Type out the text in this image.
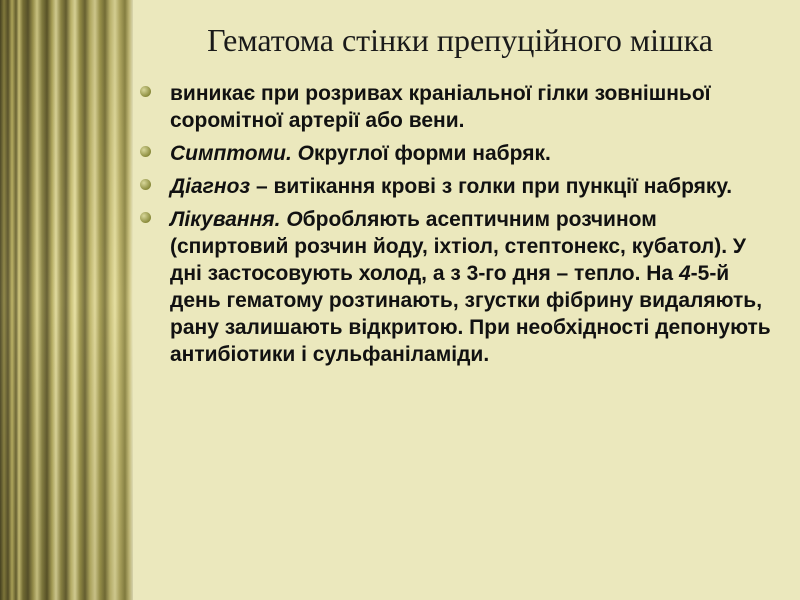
Гематома стінки препуційного мішка
виникає при розривах краніальної гілки зовнішньої соромітної артерії або вени.
Симптоми. Округлої форми набряк.
Діагноз – витікання крові з голки при пункції набряку.
Лікування. Обробляють асептичним розчином (спиртовий розчин йоду, іхтіол, стептонекс, кубатол). У дні застосовують холод, а з 3-го дня – тепло. На 4-5-й день гематому розтинають, згустки фібрину видаляють, рану залишають відкритою. При необхідності депонують антибіотики і сульфаніламіди.
